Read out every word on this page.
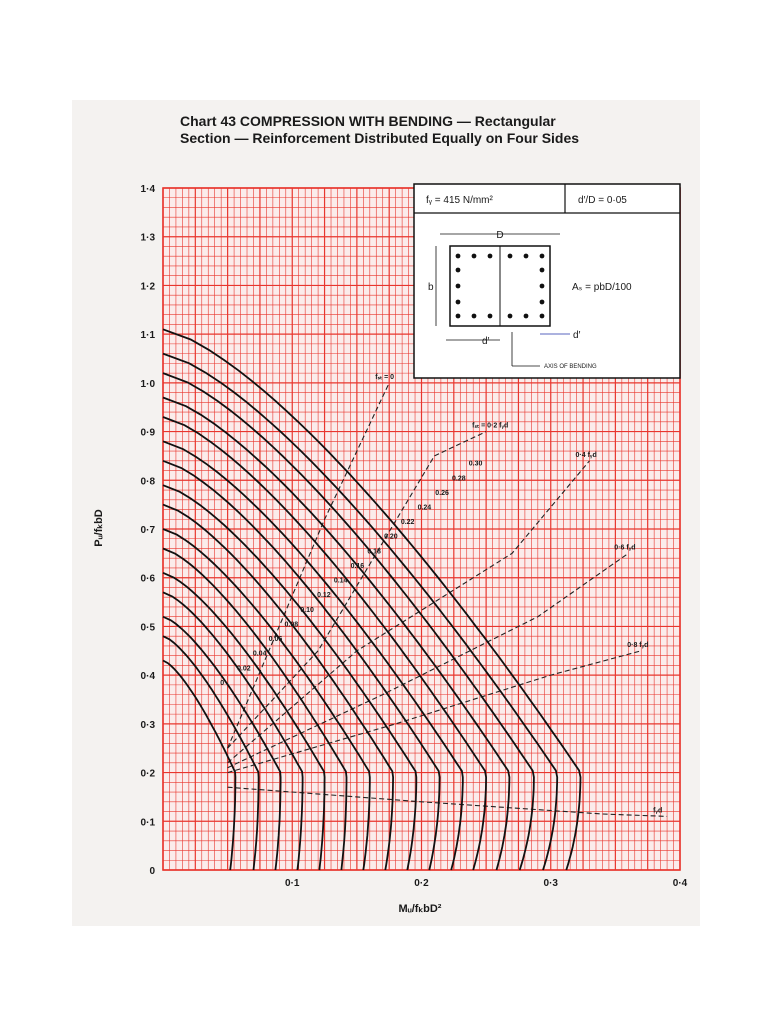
Chart 43 COMPRESSION WITH BENDING — Rectangular
Section — Reinforcement Distributed Equally on Four Sides
fₛₜ = 0
fₛₜ = 0·2 fᵧd
0·4 fᵧd
0·6 fᵧd
0·8 fᵧd
fᵧd
0
0·1
0·2
0·3
0·4
0·5
0·6
0·7
0·8
0·9
1·0
1·1
1·2
1·3
1·4
0·1	0·2	0·3	0·4
0
0.02
0.04
0.06
0.08
0.10
0.12
0.14
0.16
0.18
0.20
0.22
0.24
0.26
0.28
0.30
fᵧ = 415 N/mm²	d′/D = 0·05
D
b
d′
d′
Aₛ = pbD/100
AXIS OF BENDING
Mᵤ/fₖbD²
Pᵤ/fₖbD
